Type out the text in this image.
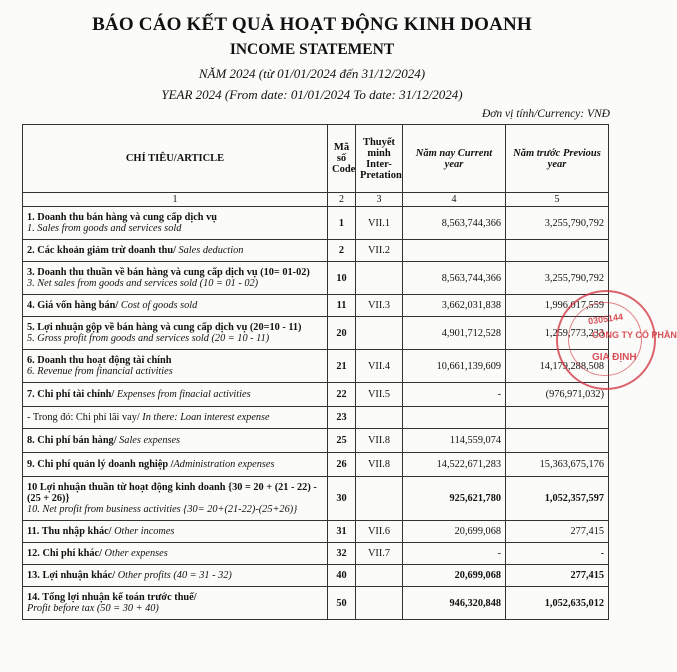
BÁO CÁO KẾT QUẢ HOẠT ĐỘNG KINH DOANH
INCOME STATEMENT
NĂM 2024 (từ 01/01/2024 đến 31/12/2024)
YEAR 2024 (From date: 01/01/2024 To date: 31/12/2024)
Đơn vị tính/Currency: VNĐ
CHỈ TIÊU/ARTICLE	Mã số Code	Thuyết minh Inter-Pretation	Năm nay Current year	Năm trước Previous year
1	2	3	4	5

1. Doanh thu bán hàng và cung cấp dịch vụ
1. Sales from goods and services sold	1	VII.1	8,563,744,366	3,255,790,792
2. Các khoản giảm trừ doanh thu/ Sales deduction	2	VII.2		

3. Doanh thu thuần về bán hàng và cung cấp dịch vụ (10= 01-02)
3. Net sales from goods and services sold (10 = 01 - 02)	10		8,563,744,366	3,255,790,792
4. Giá vốn hàng bán/ Cost of goods sold	11	VII.3	3,662,031,838	1,996,017,559

5. Lợi nhuận gộp về bán hàng và cung cấp dịch vụ (20=10 - 11)
5. Gross profit from goods and services sold (20 = 10 - 11)	20		4,901,712,528	1,259,773,233

6. Doanh thu hoạt động tài chính
6. Revenue from financial activities	21	VII.4	10,661,139,609	14,179,288,508
7. Chi phí tài chính/ Expenses from finacial activities	22	VII.5	-	(976,971,032)
- Trong đó: Chi phí lãi vay/ In there: Loan interest expense	23			
8. Chi phí bán hàng/ Sales expenses	25	VII.8	114,559,074	
9. Chi phí quản lý doanh nghiệp /Administration expenses	26	VII.8	14,522,671,283	15,363,675,176

10 Lợi nhuận thuần từ hoạt động kinh doanh {30 = 20 + (21 - 22) - (25 + 26)}
10. Net profit from business activities {30= 20+(21-22)-(25+26)}	30		925,621,780	1,052,357,597
11. Thu nhập khác/ Other incomes	31	VII.6	20,699,068	277,415
12. Chi phí khác/ Other expenses	32	VII.7	-	-
13. Lợi nhuận khác/ Other profits (40 = 31 - 32)	40		20,699,068	277,415

14. Tổng lợi nhuận kế toán trước thuế/
Profit before tax (50 = 30 + 40)	50		946,320,848	1,052,635,012
0305144
CÔNG TY CỔ PHẦN
GIA ĐỊNH
